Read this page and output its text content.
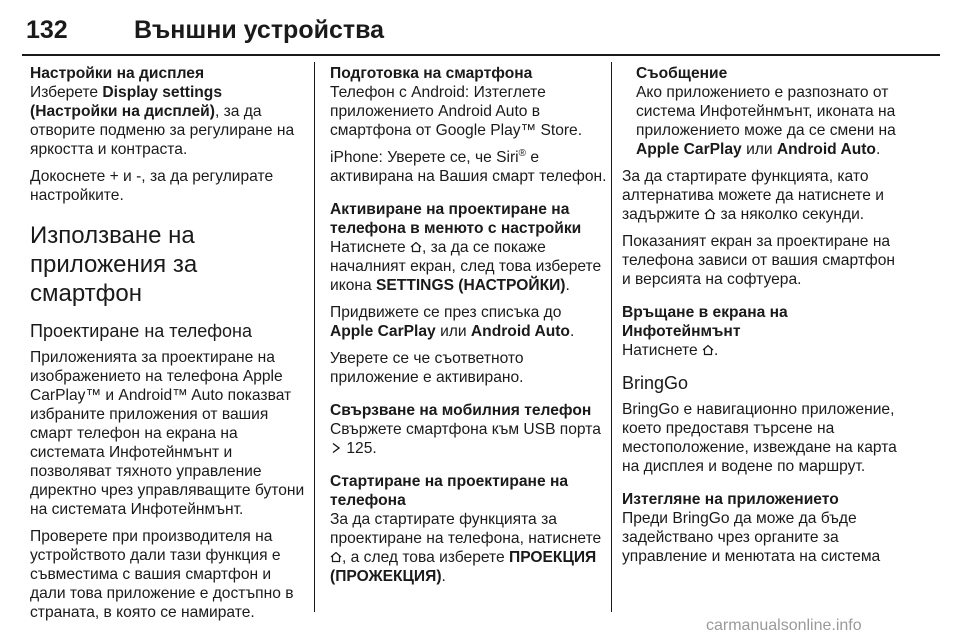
132	Външни устройства
Настройки на дисплея

Изберете Display settings
(Настройки на дисплей), за да отворите подменю за регулиране на яркостта и контраста.

Докоснете + и -, за да регулирате настройките.

Използване на приложения за смартфон
Проектиране на телефона

Приложенията за проектиране на изображението на телефона Apple CarPlay™ и Android™ Auto показват избраните приложения от вашия смарт телефон на екрана на системата Инфотейнмънт и позволяват тяхното управление директно чрез управляващите бутони на системата Инфотейнмънт.

Проверете при производителя на устройството дали тази функция е съвместима с вашия смартфон и дали това приложение е достъпно в страната, в която се намирате.

Подготовка на смартфона

Телефон с Android: Изтеглете приложението Android Auto в смартфона от Google Play™ Store.

iPhone: Уверете се, че Siri® е активирана на Вашия смарт телефон.

Активиране на проектиране на телефона в менюто с настройки

Натиснете , за да се покаже началният екран, след това изберете икона SETTINGS (НАСТРОЙКИ).

Придвижете се през списъка до Apple CarPlay или Android Auto.

Уверете се че съответното приложение е активирано.

Свързване на мобилния телефон

Свържете смартфона към USB порта  125.

Стартиране на проектиране на телефона

За да стартирате функцията за проектиране на телефона, натиснете , а след това изберете ПРОЕКЦИЯ (ПРОЖЕКЦИЯ).

Съобщение

Ако приложението е разпознато от система Инфотейнмънт, иконата на приложението може да се смени на Apple CarPlay или Android Auto.

За да стартирате функцията, като алтернатива можете да натиснете и задържите  за няколко секунди.

Показаният екран за проектиране на телефона зависи от вашия смартфон и версията на софтуера.

Връщане в екрана на Инфотейнмънт

Натиснете .

BringGo

BringGo е навигационно приложение, което предоставя търсене на местоположение, извеждане на карта на дисплея и водене по маршрут.

Изтегляне на приложението

Преди BringGo да може да бъде задействано чрез органите за управление и менютата на система

carmanualsonline.info
